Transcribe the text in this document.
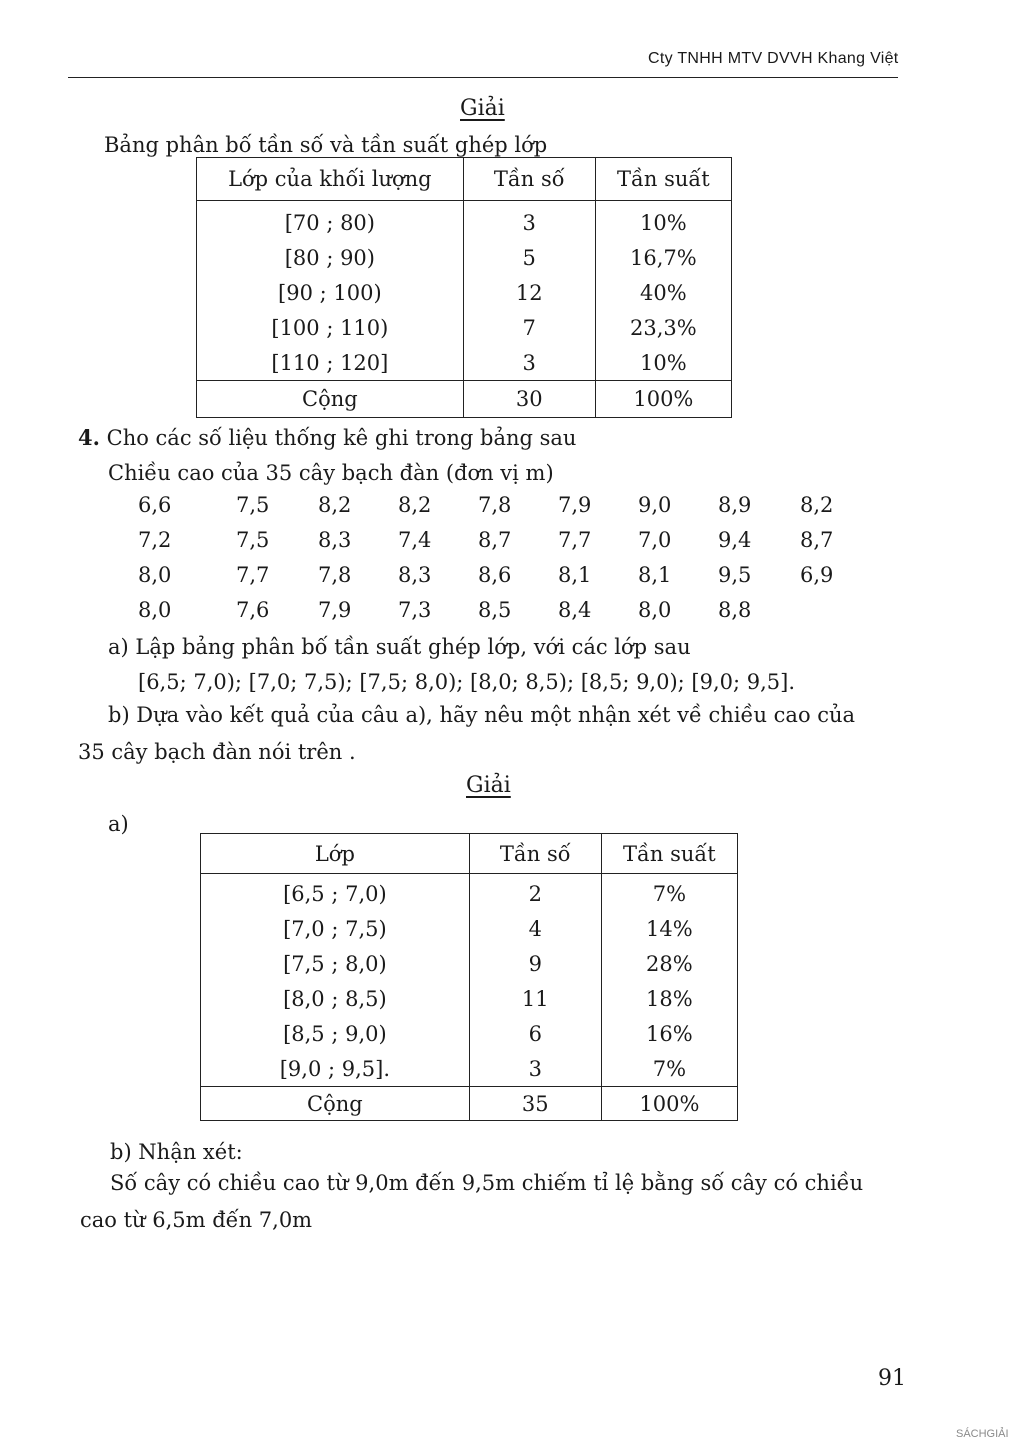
Cty TNHH MTV DVVH Khang Việt
Giải
Bảng phân bố tần số và tần suất ghép lớp
Lớp của khối lượng	Tần số	Tần suất
[70 ; 80)	3	10%
[80 ; 90)	5	16,7%
[90 ; 100)	12	40%
[100 ; 110)	7	23,3%
[110 ; 120]	3	10%
Cộng	30	100%
4. Cho các số liệu thống kê ghi trong bảng sau
Chiều cao của 35 cây bạch đàn (đơn vị m)
6,6	7,5 8,2 8,2 7,8 7,9 9,0 8,9 8,2
7,2	7,5 8,3 7,4 8,7 7,7 7,0 9,4 8,7
8,0	7,7 7,8 8,3 8,6 8,1 8,1 9,5 6,9
8,0	7,6 7,9 7,3 8,5 8,4 8,0 8,8
a) Lập bảng phân bố tần suất ghép lớp, với các lớp sau
[6,5; 7,0); [7,0; 7,5); [7,5; 8,0); [8,0; 8,5); [8,5; 9,0); [9,0; 9,5].
b) Dựa vào kết quả của câu a), hãy nêu một nhận xét về chiều cao của
35 cây bạch đàn nói trên .
Giải
a)
Lớp	Tần số	Tần suất
[6,5 ; 7,0)	2	7%
[7,0 ; 7,5)	4	14%
[7,5 ; 8,0)	9	28%
[8,0 ; 8,5)	11	18%
[8,5 ; 9,0)	6	16%
[9,0 ; 9,5].	3	7%
Cộng	35	100%
b) Nhận xét:
Số cây có chiều cao từ 9,0m đến 9,5m chiếm tỉ lệ bằng số cây có chiều
cao từ 6,5m đến 7,0m
91
SÁCHGIẢI
